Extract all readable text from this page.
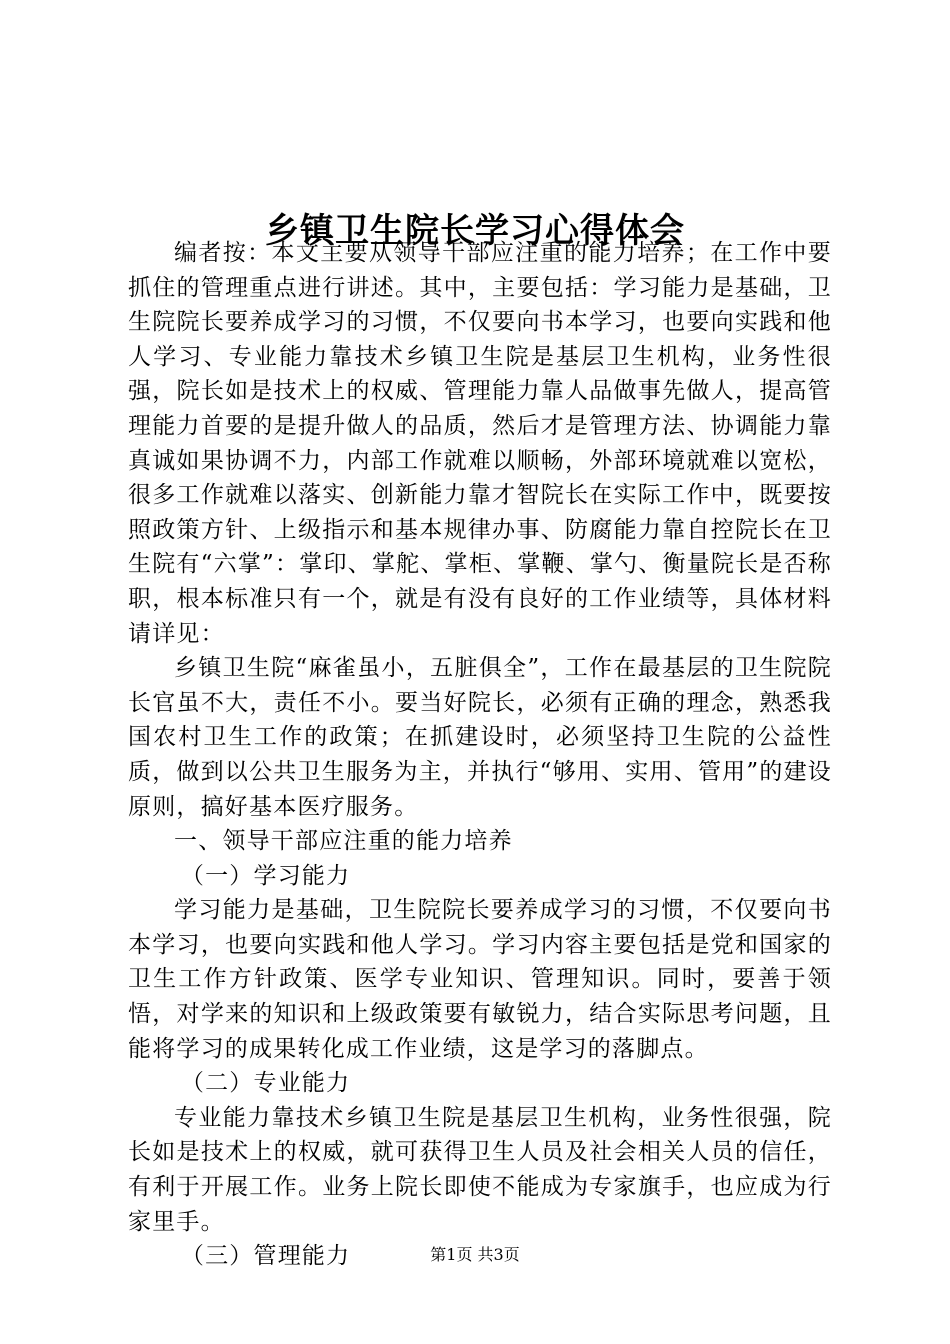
乡镇卫生院长学习心得体会

编者按：本文主要从领导干部应注重的能力培养；在工作中要抓住的管理重点进行讲述。其中，主要包括：学习能力是基础，卫生院院长要养成学习的习惯，不仅要向书本学习，也要向实践和他人学习、专业能力靠技术乡镇卫生院是基层卫生机构，业务性很强，院长如是技术上的权威、管理能力靠人品做事先做人，提高管理能力首要的是提升做人的品质，然后才是管理方法、协调能力靠真诚如果协调不力，内部工作就难以顺畅，外部环境就难以宽松，很多工作就难以落实、创新能力靠才智院长在实际工作中，既要按照政策方针、上级指示和基本规律办事、防腐能力靠自控院长在卫生院有“六掌”：掌印、掌舵、掌柜、掌鞭、掌勺、衡量院长是否称职，根本标准只有一个，就是有没有良好的工作业绩等，具体材料请详见：

乡镇卫生院“麻雀虽小，五脏俱全”，工作在最基层的卫生院院长官虽不大，责任不小。要当好院长，必须有正确的理念，熟悉我国农村卫生工作的政策；在抓建设时，必须坚持卫生院的公益性质，做到以公共卫生服务为主，并执行“够用、实用、管用”的建设原则，搞好基本医疗服务。

一、领导干部应注重的能力培养

（一）学习能力

学习能力是基础，卫生院院长要养成学习的习惯，不仅要向书本学习，也要向实践和他人学习。学习内容主要包括是党和国家的卫生工作方针政策、医学专业知识、管理知识。同时，要善于领悟，对学来的知识和上级政策要有敏锐力，结合实际思考问题，且能将学习的成果转化成工作业绩，这是学习的落脚点。

（二）专业能力

专业能力靠技术乡镇卫生院是基层卫生机构，业务性很强，院长如是技术上的权威，就可获得卫生人员及社会相关人员的信任，有利于开展工作。业务上院长即使不能成为专家旗手，也应成为行家里手。

（三）管理能力	第1页 共3页
